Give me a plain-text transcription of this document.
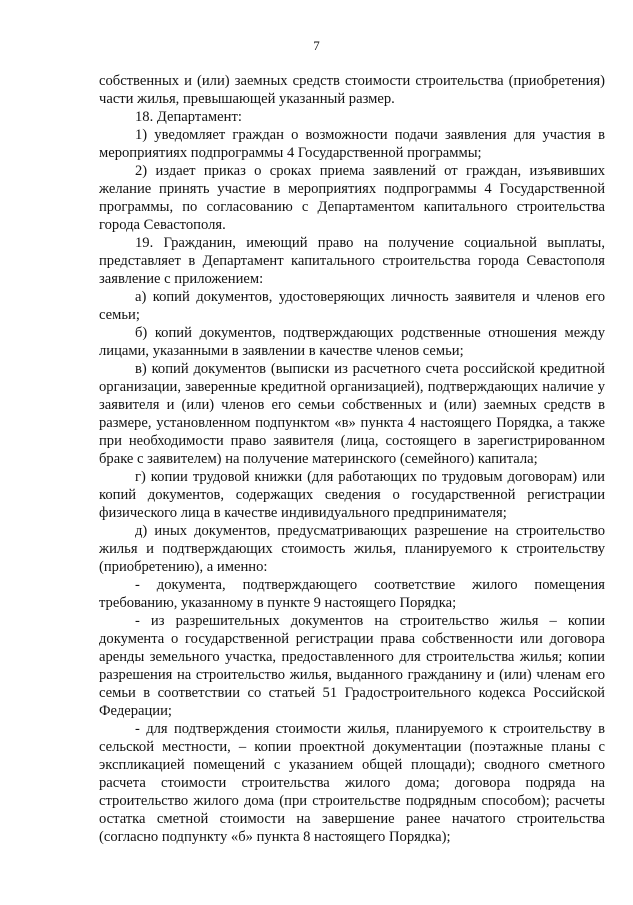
7

собственных и (или) заемных средств стоимости строительства (приобретения) части жилья, превышающей указанный размер.

18. Департамент:

1) уведомляет граждан о возможности подачи заявления для участия в мероприятиях подпрограммы 4 Государственной программы;

2) издает приказ о сроках приема заявлений от граждан, изъявивших желание принять участие в мероприятиях подпрограммы 4 Государственной программы, по согласованию с Департаментом капитального строительства города Севастополя.

19. Гражданин, имеющий право на получение социальной выплаты, представляет в Департамент капитального строительства города Севастополя заявление с приложением:

а) копий документов, удостоверяющих личность заявителя и членов его семьи;

б) копий документов, подтверждающих родственные отношения между лицами, указанными в заявлении в качестве членов семьи;

в) копий документов (выписки из расчетного счета российской кредитной организации, заверенные кредитной организацией), подтверждающих наличие у заявителя и (или) членов его семьи собственных и (или) заемных средств в размере, установленном подпунктом «в» пункта 4 настоящего Порядка, а также при необходимости право заявителя (лица, состоящего в зарегистрированном браке с заявителем) на получение материнского (семейного) капитала;

г) копии трудовой книжки (для работающих по трудовым договорам) или копий документов, содержащих сведения о государственной регистрации физического лица в качестве индивидуального предпринимателя;

д) иных документов, предусматривающих разрешение на строительство жилья и подтверждающих стоимость жилья, планируемого к строительству (приобретению), а именно:

- документа, подтверждающего соответствие жилого помещения требованию, указанному в пункте 9 настоящего Порядка;

- из разрешительных документов на строительство жилья – копии документа о государственной регистрации права собственности или договора аренды земельного участка, предоставленного для строительства жилья; копии разрешения на строительство жилья, выданного гражданину и (или) членам его семьи в соответствии со статьей 51 Градостроительного кодекса Российской Федерации;

- для подтверждения стоимости жилья, планируемого к строительству в сельской местности, – копии проектной документации (поэтажные планы с экспликацией помещений с указанием общей площади); сводного сметного расчета стоимости строительства жилого дома; договора подряда на строительство жилого дома (при строительстве подрядным способом); расчеты остатка сметной стоимости на завершение ранее начатого строительства (согласно подпункту «б» пункта 8 настоящего Порядка);
